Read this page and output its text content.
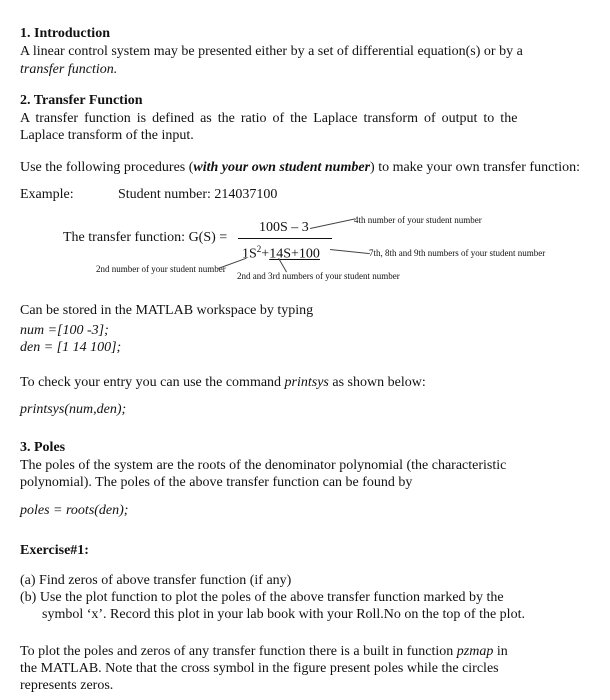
1. Introduction
A linear control system may be presented either by a set of differential equation(s) or by a
transfer function.
2. Transfer Function
A transfer function is defined as the ratio of the Laplace transform of output to the
Laplace transform of the input.
Use the following procedures (with your own student number) to make your own transfer function:
Example:	Student number: 214037100
The transfer function: G(S) =
100S – 3
$1S^2+14S+100$
4th number of your student number
7th, 8th and 9th numbers of your student number
2nd number of your student number
2nd and 3rd numbers of your student number
Can be stored in the MATLAB workspace by typing
num =[100 -3];
den = [1 14 100];
To check your entry you can use the command printsys as shown below:
printsys(num,den);
3. Poles
The poles of the system are the roots of the denominator polynomial (the characteristic
polynomial). The poles of the above transfer function can be found by
poles = roots(den);
Exercise#1:
(a) Find zeros of above transfer function (if any)
(b) Use the plot function to plot the poles of the above transfer function marked by the
symbol ‘x’. Record this plot in your lab book with your Roll.No on the top of the plot.
To plot the poles and zeros of any transfer function there is a built in function pzmap in
the MATLAB. Note that the cross symbol in the figure present poles while the circles
represents zeros.
